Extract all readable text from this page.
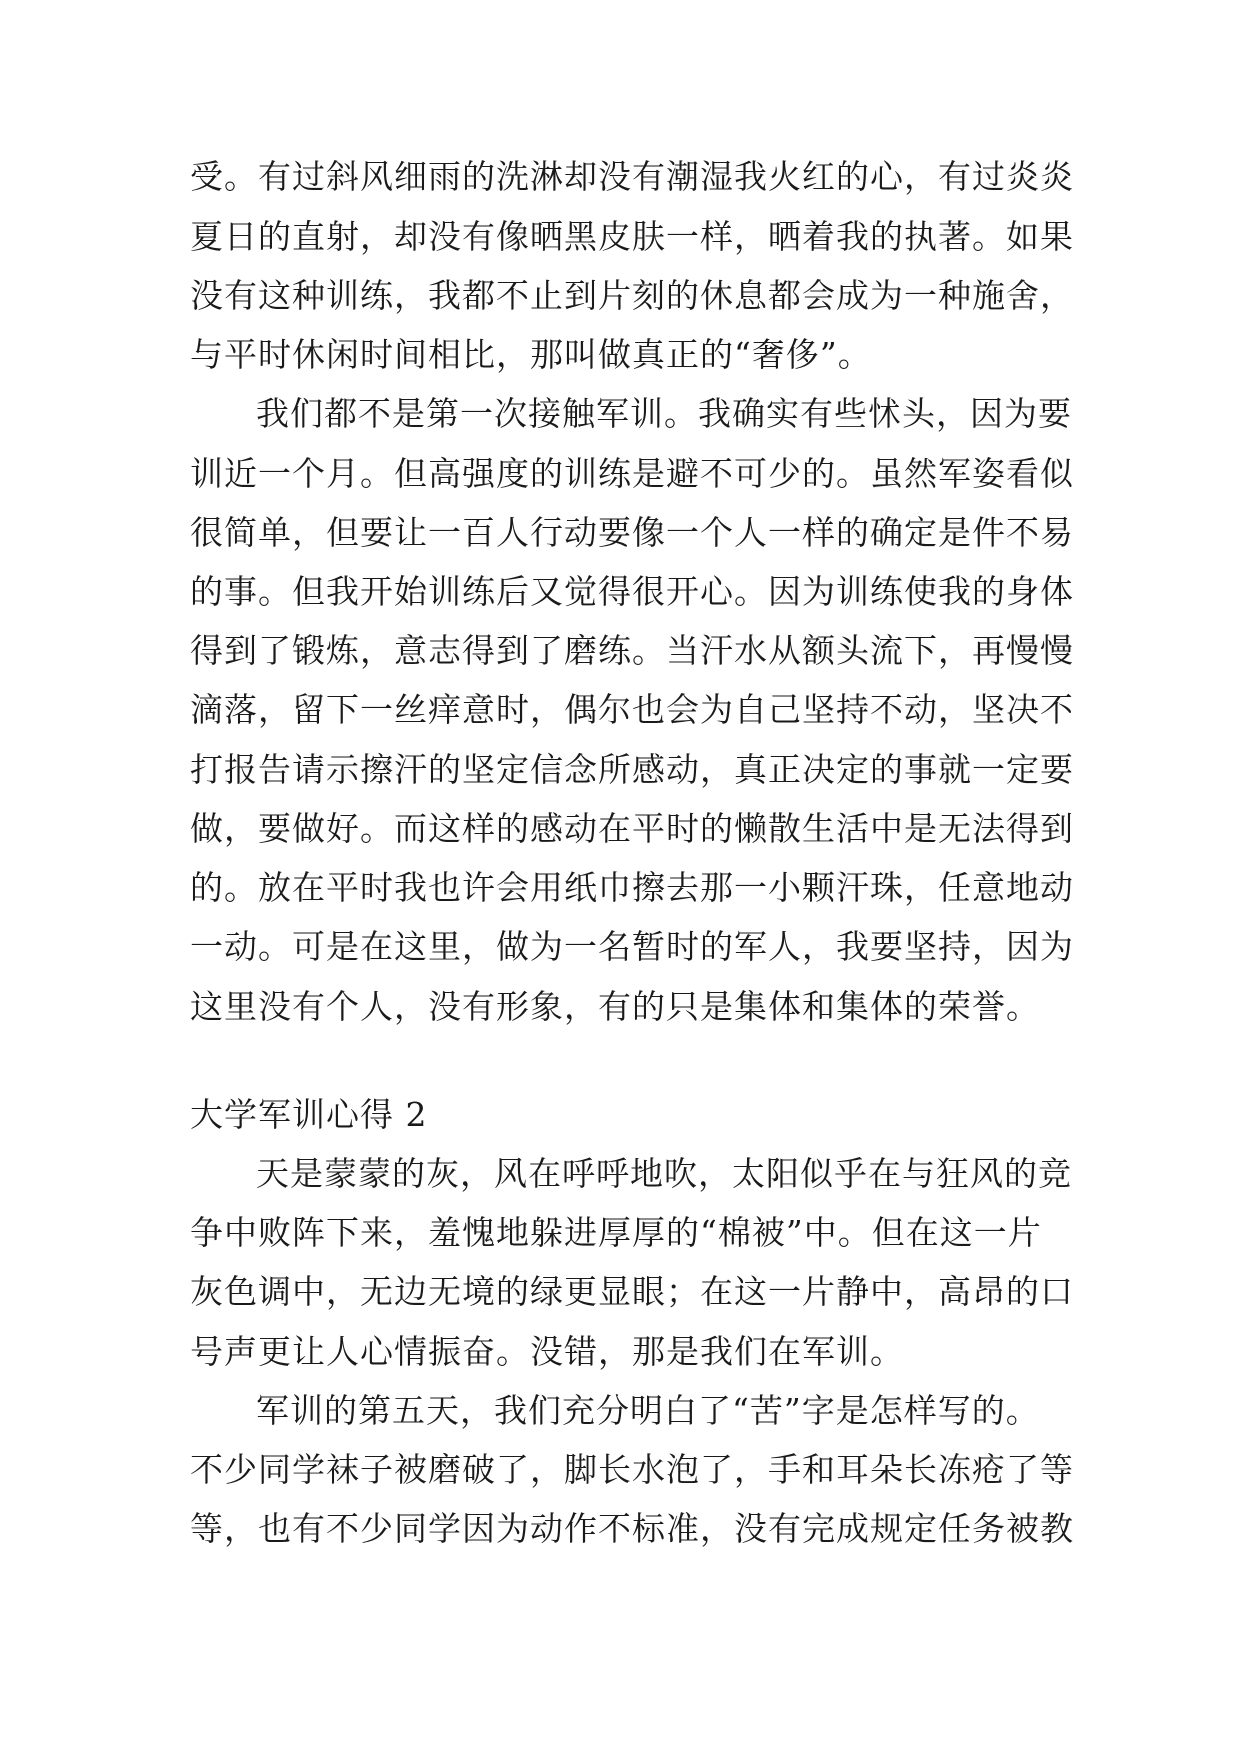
受。有过斜风细雨的洗淋却没有潮湿我火红的心，有过炎炎
夏日的直射，却没有像晒黑皮肤一样，晒着我的执著。如果
没有这种训练，我都不止到片刻的休息都会成为一种施舍，
与平时休闲时间相比，那叫做真正的“奢侈”。
我们都不是第一次接触军训。我确实有些怵头，因为要
训近一个月。但高强度的训练是避不可少的。虽然军姿看似
很简单，但要让一百人行动要像一个人一样的确定是件不易
的事。但我开始训练后又觉得很开心。因为训练使我的身体
得到了锻炼，意志得到了磨练。当汗水从额头流下，再慢慢
滴落，留下一丝痒意时，偶尔也会为自己坚持不动，坚决不
打报告请示擦汗的坚定信念所感动，真正决定的事就一定要
做，要做好。而这样的感动在平时的懒散生活中是无法得到
的。放在平时我也许会用纸巾擦去那一小颗汗珠，任意地动
一动。可是在这里，做为一名暂时的军人，我要坚持，因为
这里没有个人，没有形象，有的只是集体和集体的荣誉。
大学军训心得 2
天是蒙蒙的灰，风在呼呼地吹，太阳似乎在与狂风的竞
争中败阵下来，羞愧地躲进厚厚的“棉被”中。但在这一片
灰色调中，无边无境的绿更显眼；在这一片静中，高昂的口
号声更让人心情振奋。没错，那是我们在军训。
军训的第五天，我们充分明白了“苦”字是怎样写的。
不少同学袜子被磨破了，脚长水泡了，手和耳朵长冻疮了等
等，也有不少同学因为动作不标准，没有完成规定任务被教
